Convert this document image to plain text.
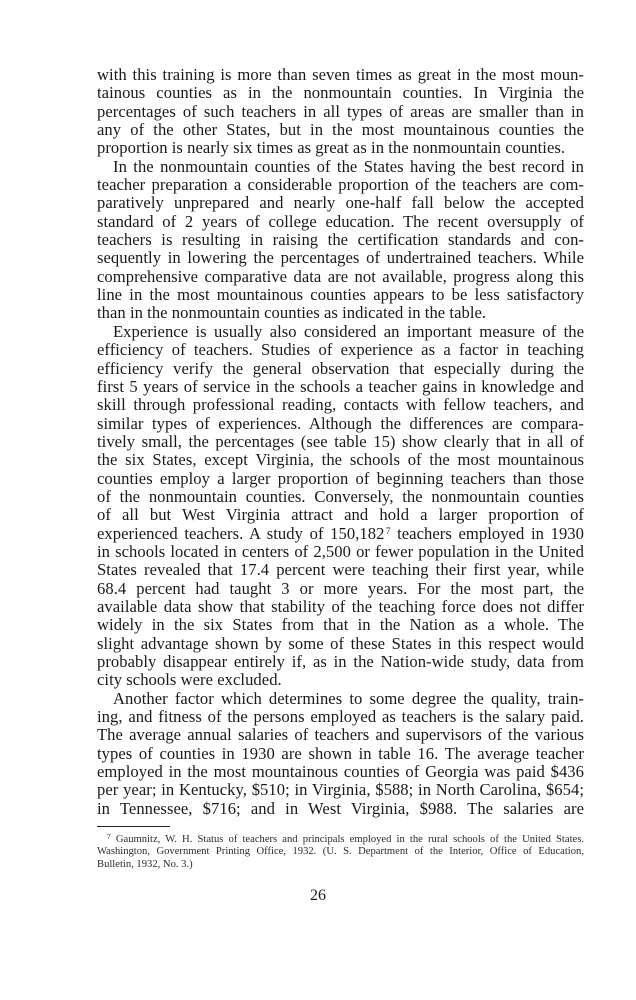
with this training is more than seven times as great in the most moun-
tainous counties as in the nonmountain counties. In Virginia the
percentages of such teachers in all types of areas are smaller than in
any of the other States, but in the most mountainous counties the
proportion is nearly six times as great as in the nonmountain counties.
In the nonmountain counties of the States having the best record in
teacher preparation a considerable proportion of the teachers are com-
paratively unprepared and nearly one-half fall below the accepted
standard of 2 years of college education. The recent oversupply of
teachers is resulting in raising the certification standards and con-
sequently in lowering the percentages of undertrained teachers. While
comprehensive comparative data are not available, progress along this
line in the most mountainous counties appears to be less satisfactory
than in the nonmountain counties as indicated in the table.
Experience is usually also considered an important measure of the
efficiency of teachers. Studies of experience as a factor in teaching
efficiency verify the general observation that especially during the
first 5 years of service in the schools a teacher gains in knowledge and
skill through professional reading, contacts with fellow teachers, and
similar types of experiences. Although the differences are compara-
tively small, the percentages (see table 15) show clearly that in all of
the six States, except Virginia, the schools of the most mountainous
counties employ a larger proportion of beginning teachers than those
of the nonmountain counties. Conversely, the nonmountain counties
of all but West Virginia attract and hold a larger proportion of
experienced teachers. A study of 150,182 $^7$ teachers employed in 1930
in schools located in centers of 2,500 or fewer population in the United
States revealed that 17.4 percent were teaching their first year, while
68.4 percent had taught 3 or more years. For the most part, the
available data show that stability of the teaching force does not differ
widely in the six States from that in the Nation as a whole. The
slight advantage shown by some of these States in this respect would
probably disappear entirely if, as in the Nation-wide study, data from
city schools were excluded.
Another factor which determines to some degree the quality, train-
ing, and fitness of the persons employed as teachers is the salary paid.
The average annual salaries of teachers and supervisors of the various
types of counties in 1930 are shown in table 16. The average teacher
employed in the most mountainous counties of Georgia was paid $436
per year; in Kentucky, $510; in Virginia, $588; in North Carolina, $654;
in Tennessee, $716; and in West Virginia, $988. The salaries are
$^7$ Gaumnitz, W. H. Status of teachers and principals employed in the rural schools of the United States.
Washington, Government Printing Office, 1932. (U. S. Department of the Interior, Office of Education,
Bulletin, 1932, No. 3.)
26
